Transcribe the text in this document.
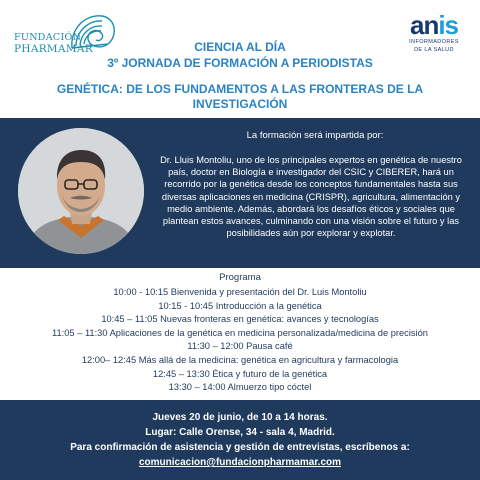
FUNDACIÓN
PHARMAMAR
anis
INFORMADORES
DE LA SALUD
CIENCIA AL DÍA
3º JORNADA DE FORMACIÓN A PERIODISTAS
GENÉTICA: DE LOS FUNDAMENTOS A LAS FRONTERAS DE LA INVESTIGACIÓN
La formación será impartida por:
Dr. Lluis Montoliu, uno de los principales expertos en genética de nuestro país, doctor en Biología e investigador del CSIC y CIBERER, hará un recorrido por la genética desde los conceptos fundamentales hasta sus diversas aplicaciones en medicina (CRISPR), agricultura, alimentación y medio ambiente. Además, abordará los desafíos éticos y sociales que plantean estos avances, culminando con una visión sobre el futuro y las posibilidades aún por explorar y explotar.
Programa
10:00 - 10:15 Bienvenida y presentación del Dr. Luis Montoliu
10:15 - 10:45 Introducción a la genética
10:45 – 11:05 Nuevas fronteras en genética: avances y tecnologías
11:05 – 11:30 Aplicaciones de la genética en medicina personalizada/medicina de precisión
11:30 – 12:00 Pausa café
12:00– 12:45 Más allá de la medicina: genética en agricultura y farmacologia
12:45 – 13:30 Ética y futuro de la genética
13:30 – 14:00 Almuerzo tipo cóctel
Jueves 20 de junio, de 10 a 14 horas.
Lugar: Calle Orense, 34 - sala 4, Madrid.
Para confirmación de asistencia y gestión de entrevistas, escríbenos a:
comunicacion@fundacionpharmamar.com
